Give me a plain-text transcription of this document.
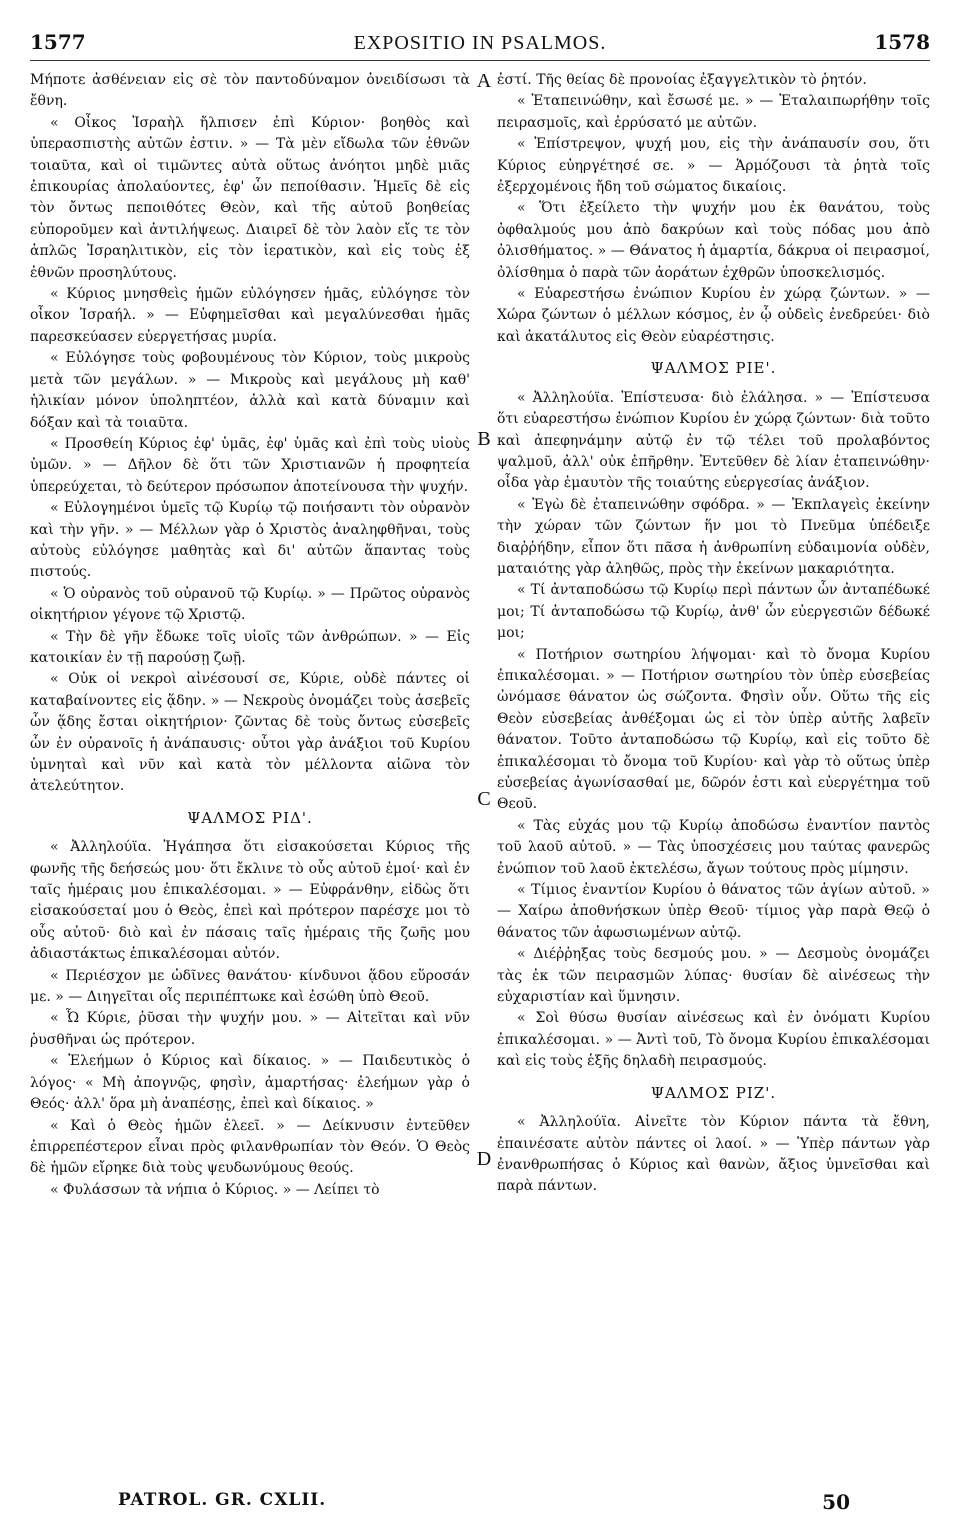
1577	EXPOSITIO IN PSALMOS.	1578

Μήποτε ἀσθένειαν εἰς σὲ τὸν παντοδύναμον ὀνειδίσωσι τὰ ἔθνη.

« Οἶκος Ἰσραὴλ ἤλπισεν ἐπὶ Κύριον· βοηθὸς καὶ ὑπερασπιστὴς αὐτῶν ἐστιν. » — Τὰ μὲν εἴδωλα τῶν ἐθνῶν τοιαῦτα, καὶ οἱ τιμῶντες αὐτὰ οὕτως ἀνόητοι μηδὲ μιᾶς ἐπικουρίας ἀπολαύοντες, ἐφ' ὧν πεποίθασιν. Ἡμεῖς δὲ εἰς τὸν ὄντως πεποιθότες Θεὸν, καὶ τῆς αὐτοῦ βοηθείας εὐποροῦμεν καὶ ἀντιλήψεως. Διαιρεῖ δὲ τὸν λαὸν εἴς τε τὸν ἁπλῶς Ἰσραηλιτικὸν, εἰς τὸν ἱερατικὸν, καὶ εἰς τοὺς ἐξ ἐθνῶν προσηλύτους.

« Κύριος μνησθεὶς ἡμῶν εὐλόγησεν ἡμᾶς, εὐλόγησε τὸν οἶκον Ἰσραήλ. » — Εὐφημεῖσθαι καὶ μεγαλύνεσθαι ἡμᾶς παρεσκεύασεν εὐεργετήσας μυρία.

« Εὐλόγησε τοὺς φοβουμένους τὸν Κύριον, τοὺς μικροὺς μετὰ τῶν μεγάλων. » — Μικροὺς καὶ μεγάλους μὴ καθ' ἡλικίαν μόνον ὑποληπτέον, ἀλλὰ καὶ κατὰ δύναμιν καὶ δόξαν καὶ τὰ τοιαῦτα.

« Προσθείη Κύριος ἐφ' ὑμᾶς, ἐφ' ὑμᾶς καὶ ἐπὶ τοὺς υἱοὺς ὑμῶν. » — Δῆλον δὲ ὅτι τῶν Χριστιανῶν ἡ προφητεία ὑπερεύχεται, τὸ δεύτερον πρόσωπον ἀποτείνουσα τὴν ψυχήν.

« Εὐλογημένοι ὑμεῖς τῷ Κυρίῳ τῷ ποιήσαντι τὸν οὐρανὸν καὶ τὴν γῆν. » — Μέλλων γὰρ ὁ Χριστὸς ἀναληφθῆναι, τοὺς αὐτοὺς εὐλόγησε μαθητὰς καὶ δι' αὐτῶν ἅπαντας τοὺς πιστούς.

« Ὁ οὐρανὸς τοῦ οὐρανοῦ τῷ Κυρίῳ. » — Πρῶτος οὐρανὸς οἰκητήριον γέγονε τῷ Χριστῷ.

« Τὴν δὲ γῆν ἔδωκε τοῖς υἱοῖς τῶν ἀνθρώπων. » — Εἰς κατοικίαν ἐν τῇ παρούσῃ ζωῇ.

« Οὐκ οἱ νεκροὶ αἰνέσουσί σε, Κύριε, οὐδὲ πάντες οἱ καταβαίνοντες εἰς ᾅδην. » — Νεκροὺς ὀνομάζει τοὺς ἀσεβεῖς ὧν ᾅδης ἔσται οἰκητήριον· ζῶντας δὲ τοὺς ὄντως εὐσεβεῖς ὧν ἐν οὐρανοῖς ἡ ἀνάπαυσις· οὗτοι γὰρ ἀνάξιοι τοῦ Κυρίου ὑμνηταὶ καὶ νῦν καὶ κατὰ τὸν μέλλοντα αἰῶνα τὸν ἀτελεύτητον.

ΨΑΛΜΟΣ ΡΙΔ'.

« Ἀλληλούϊα. Ἠγάπησα ὅτι εἰσακούσεται Κύριος τῆς φωνῆς τῆς δεήσεώς μου· ὅτι ἔκλινε τὸ οὖς αὐτοῦ ἐμοί· καὶ ἐν ταῖς ἡμέραις μου ἐπικαλέσομαι. » — Εὐφράνθην, εἰδὼς ὅτι εἰσακούσεταί μου ὁ Θεὸς, ἐπεὶ καὶ πρότερον παρέσχε μοι τὸ οὖς αὐτοῦ· διὸ καὶ ἐν πάσαις ταῖς ἡμέραις τῆς ζωῆς μου ἀδιαστάκτως ἐπικαλέσομαι αὐτόν.

« Περιέσχον με ὠδῖνες θανάτου· κίνδυνοι ᾅδου εὕροσάν με. » — Διηγεῖται οἷς περιπέπτωκε καὶ ἐσώθη ὑπὸ Θεοῦ.

« Ὦ Κύριε, ῥῦσαι τὴν ψυχήν μου. » — Αἰτεῖται καὶ νῦν ῥυσθῆναι ὡς πρότερον.

« Ἐλεήμων ὁ Κύριος καὶ δίκαιος. » — Παιδευτικὸς ὁ λόγος· « Μὴ ἀπογνῷς, φησὶν, ἁμαρτήσας· ἐλεήμων γὰρ ὁ Θεός· ἀλλ' ὅρα μὴ ἀναπέσῃς, ἐπεὶ καὶ δίκαιος. »

« Καὶ ὁ Θεὸς ἡμῶν ἐλεεῖ. » — Δείκνυσιν ἐντεῦθεν ἐπιρρεπέστερον εἶναι πρὸς φιλανθρωπίαν τὸν Θεόν. Ὁ Θεὸς δὲ ἡμῶν εἴρηκε διὰ τοὺς ψευδωνύμους θεούς.

« Φυλάσσων τὰ νήπια ὁ Κύριος. » — Λείπει τὸ

ἐστί. Τῆς θείας δὲ προνοίας ἐξαγγελτικὸν τὸ ῥητόν.

« Ἐταπεινώθην, καὶ ἔσωσέ με. » — Ἐταλαιπωρήθην τοῖς πειρασμοῖς, καὶ ἐρρύσατό με αὐτῶν.

« Ἐπίστρεψον, ψυχή μου, εἰς τὴν ἀνάπαυσίν σου, ὅτι Κύριος εὐηργέτησέ σε. » — Ἁρμόζουσι τὰ ῥητὰ τοῖς ἐξερχομένοις ἤδη τοῦ σώματος δικαίοις.

« Ὅτι ἐξείλετο τὴν ψυχήν μου ἐκ θανάτου, τοὺς ὀφθαλμούς μου ἀπὸ δακρύων καὶ τοὺς πόδας μου ἀπὸ ὀλισθήματος. » — Θάνατος ἡ ἁμαρτία, δάκρυα οἱ πειρασμοί, ὀλίσθημα ὁ παρὰ τῶν ἀοράτων ἐχθρῶν ὑποσκελισμός.

« Εὐαρεστήσω ἐνώπιον Κυρίου ἐν χώρᾳ ζώντων. » — Χώρα ζώντων ὁ μέλλων κόσμος, ἐν ᾧ οὐδεὶς ἐνεδρεύει· διὸ καὶ ἀκατάλυτος εἰς Θεὸν εὐαρέστησις.

ΨΑΛΜΟΣ ΡΙΕ'.

« Ἀλληλούϊα. Ἐπίστευσα· διὸ ἐλάλησα. » — Ἐπίστευσα ὅτι εὐαρεστήσω ἐνώπιον Κυρίου ἐν χώρᾳ ζώντων· διὰ τοῦτο καὶ ἀπεφηνάμην αὐτῷ ἐν τῷ τέλει τοῦ προλαβόντος ψαλμοῦ, ἀλλ' οὐκ ἐπῆρθην. Ἐντεῦθεν δὲ λίαν ἐταπεινώθην· οἶδα γὰρ ἐμαυτὸν τῆς τοιαύτης εὐεργεσίας ἀνάξιον.

« Ἐγὼ δὲ ἐταπεινώθην σφόδρα. » — Ἐκπλαγεὶς ἐκείνην τὴν χώραν τῶν ζώντων ἥν μοι τὸ Πνεῦμα ὑπέδειξε διαῤῥήδην, εἶπον ὅτι πᾶσα ἡ ἀνθρωπίνη εὐδαιμονία οὐδὲν, ματαιότης γὰρ ἀληθῶς, πρὸς τὴν ἐκείνων μακαριότητα.

« Τί ἀνταποδώσω τῷ Κυρίῳ περὶ πάντων ὧν ἀνταπέδωκέ μοι; Τί ἀνταποδώσω τῷ Κυρίῳ, ἀνθ' ὧν εὐεργεσιῶν δέδωκέ μοι;

« Ποτήριον σωτηρίου λήψομαι· καὶ τὸ ὄνομα Κυρίου ἐπικαλέσομαι. » — Ποτήριον σωτηρίου τὸν ὑπὲρ εὐσεβείας ὠνόμασε θάνατον ὡς σώζοντα. Φησὶν οὖν. Οὕτω τῆς εἰς Θεὸν εὐσεβείας ἀνθέξομαι ὡς εἰ τὸν ὑπὲρ αὐτῆς λαβεῖν θάνατον. Τοῦτο ἀνταποδώσω τῷ Κυρίῳ, καὶ εἰς τοῦτο δὲ ἐπικαλέσομαι τὸ ὄνομα τοῦ Κυρίου· καὶ γὰρ τὸ οὕτως ὑπὲρ εὐσεβείας ἀγωνίσασθαί με, δῶρόν ἐστι καὶ εὐεργέτημα τοῦ Θεοῦ.

« Τὰς εὐχάς μου τῷ Κυρίῳ ἀποδώσω ἐναντίον παντὸς τοῦ λαοῦ αὐτοῦ. » — Τὰς ὑποσχέσεις μου ταύτας φανερῶς ἐνώπιον τοῦ λαοῦ ἐκτελέσω, ἄγων τούτους πρὸς μίμησιν.

« Τίμιος ἐναντίον Κυρίου ὁ θάνατος τῶν ἁγίων αὐτοῦ. » — Χαίρω ἀποθνήσκων ὑπὲρ Θεοῦ· τίμιος γὰρ παρὰ Θεῷ ὁ θάνατος τῶν ἀφωσιωμένων αὐτῷ.

« Διέῤῥηξας τοὺς δεσμούς μου. » — Δεσμοὺς ὀνομάζει τὰς ἐκ τῶν πειρασμῶν λύπας· θυσίαν δὲ αἰνέσεως τὴν εὐχαριστίαν καὶ ὕμνησιν.

« Σοὶ θύσω θυσίαν αἰνέσεως καὶ ἐν ὀνόματι Κυρίου ἐπικαλέσομαι. » — Ἀντὶ τοῦ, Τὸ ὄνομα Κυρίου ἐπικαλέσομαι καὶ εἰς τοὺς ἑξῆς δηλαδὴ πειρασμούς.

ΨΑΛΜΟΣ ΡΙΖ'.

« Ἀλληλούϊα. Αἰνεῖτε τὸν Κύριον πάντα τὰ ἔθνη, ἐπαινέσατε αὐτὸν πάντες οἱ λαοί. » — Ὑπὲρ πάντων γὰρ ἐνανθρωπήσας ὁ Κύριος καὶ θανὼν, ἄξιος ὑμνεῖσθαι καὶ παρὰ πάντων.

A
B
C
D
PATROL. GR. CXLII.	50
